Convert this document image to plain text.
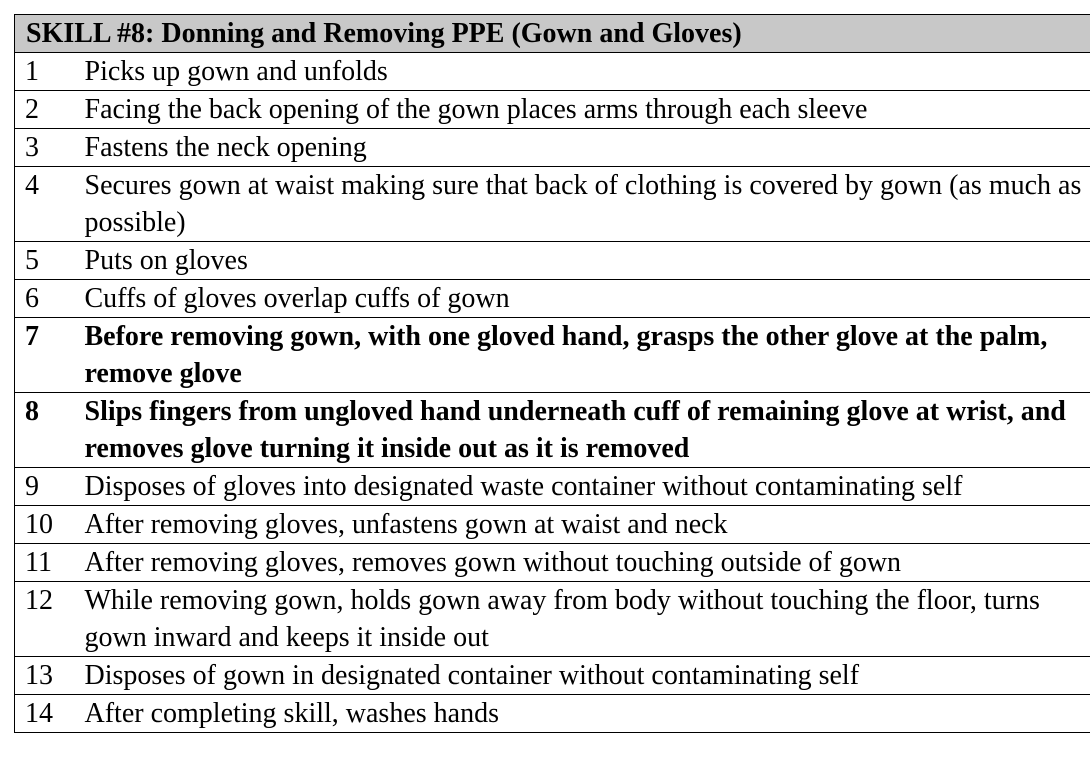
SKILL #8: Donning and Removing PPE (Gown and Gloves)	
1	Picks up gown and unfolds
2	Facing the back opening of the gown places arms through each sleeve
3	Fastens the neck opening
4	Secures gown at waist making sure that back of clothing is covered by gown (as much as possible)
5	Puts on gloves
6	Cuffs of gloves overlap cuffs of gown
7	Before removing gown, with one gloved hand, grasps the other glove at the palm, remove glove
8	Slips fingers from ungloved hand underneath cuff of remaining glove at wrist, and removes glove turning it inside out as it is removed
9	Disposes of gloves into designated waste container without contaminating self
10	After removing gloves, unfastens gown at waist and neck
11	After removing gloves, removes gown without touching outside of gown
12	While removing gown, holds gown away from body without touching the floor, turns gown inward and keeps it inside out
13	Disposes of gown in designated container without contaminating self
14	After completing skill, washes hands
